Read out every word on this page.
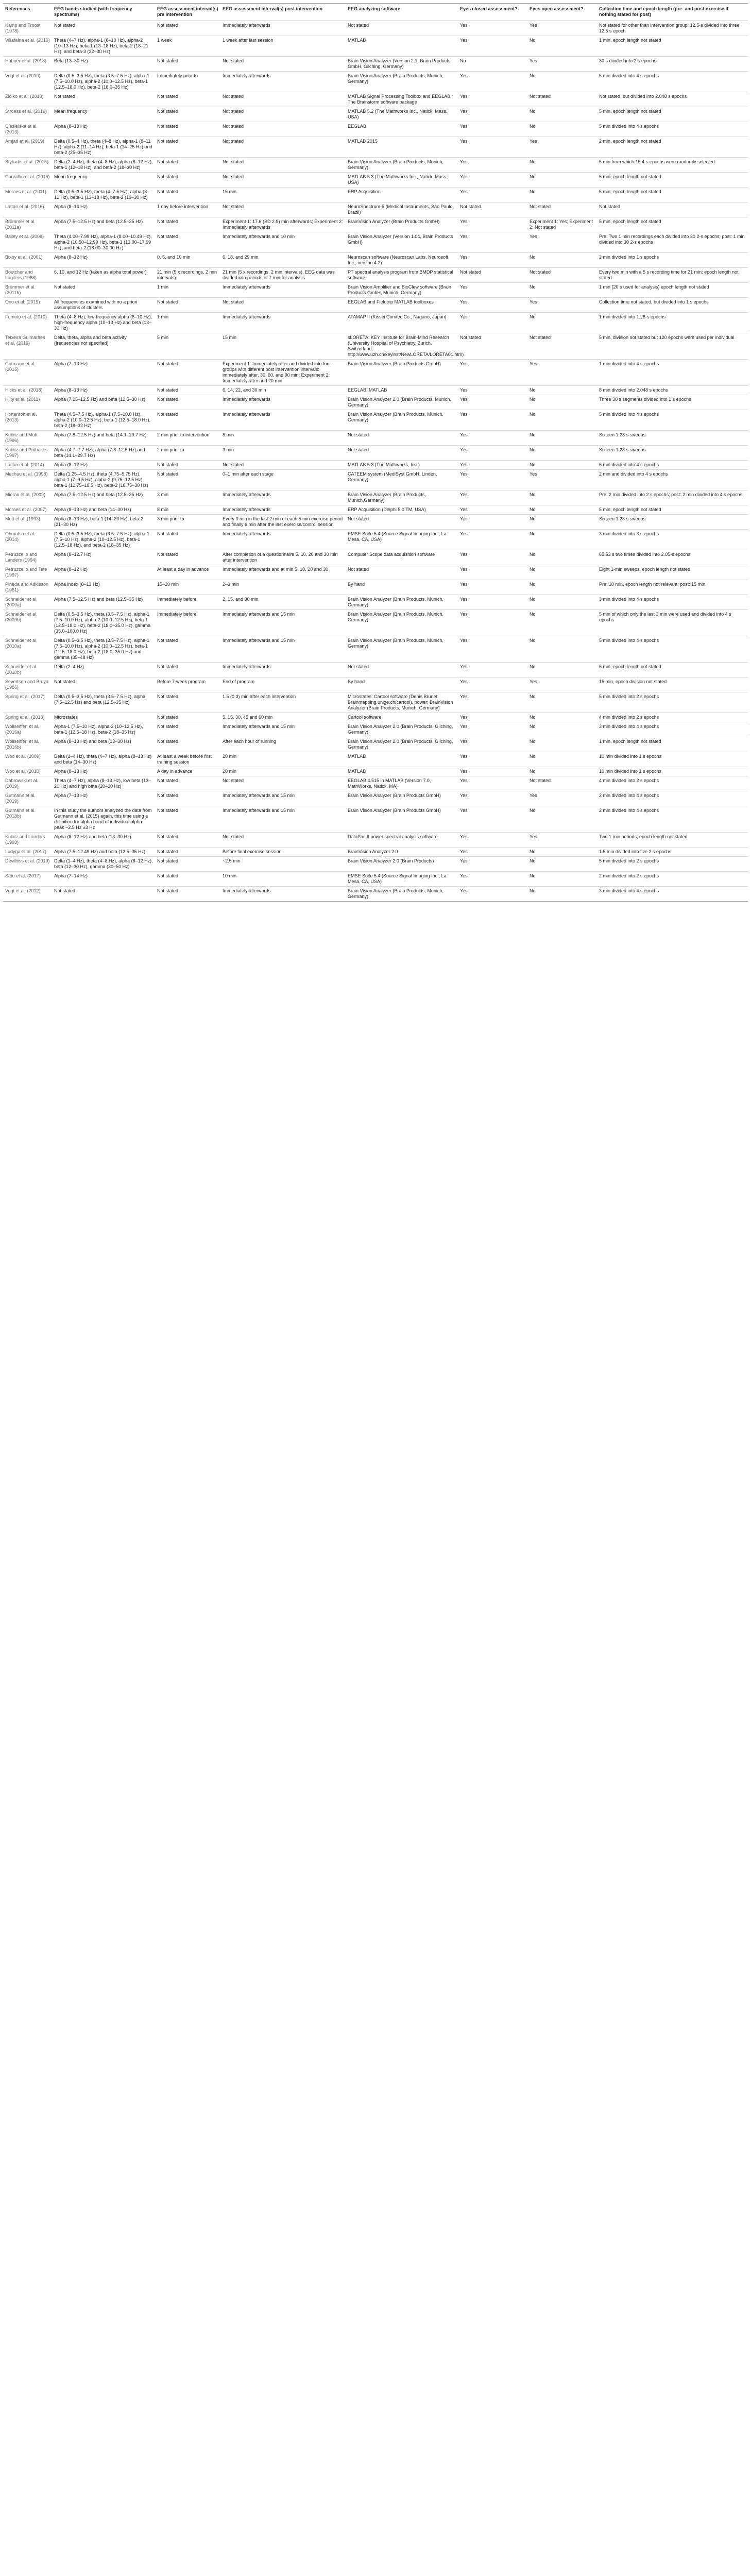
References	EEG bands studied (with frequency spectrums)	EEG assessment interval(s) pre intervention	EEG assessment interval(s) post intervention	EEG analyzing software	Eyes closed assessment?	Eyes open assessment?	Collection time and epoch length (pre- and post-exercise if nothing stated for post)
Kamp and Troost (1978)	Not stated	Not stated	Immediately afterwards	Not stated	Yes	Yes	Not stated for other than intervention group: 12.5-s divided into three 12.5 s epoch
Villafaina et al. (2019)	Theta (4–7 Hz), alpha-1 (8–10 Hz), alpha-2 (10–13 Hz), beta-1 (13–18 Hz), beta-2 (18–21 Hz), and beta-3 (22–30 Hz)	1 week	1 week after last session	MATLAB	Yes	No	1 min, epoch length not stated
Hübner et al. (2018)	Beta (13–30 Hz)	Not stated	Not stated	Brain Vision Analyzer (Version 2.1, Brain Products GmbH, Gilching, Germany)	No	Yes	30 s divided into 2 s epochs
Vogt et al. (2010)	Delta (0.5–3.5 Hz), theta (3.5–7.5 Hz), alpha-1 (7.5–10.0 Hz), alpha-2 (10.0–12.5 Hz), beta-1 (12.5–18.0 Hz), beta-2 (18.0–35 Hz)	Immediately prior to	Immediately afterwards	Brain Vision Analyzer (Brain Products, Munich, Germany)	Yes	No	5 min divided into 4 s epochs
Ziółko et al. (2018)	Not stated	Not stated	Not stated	MATLAB Signal Processing Toolbox and EEGLAB. The Brainstorm software package	Yes	Not stated	Not stated, but divided into 2.048 s epochs
Stroess et al. (2019)	Mean frequency	Not stated	Not stated	MATLAB 5.2 (The Mathworks Inc., Natick, Mass., USA)	Yes	No	5 min, epoch length not stated
Ciesielska et al. (2013)	Alpha (8–13 Hz)	Not stated	Not stated	EEGLAB	Yes	No	5 min divided into 4 s epochs
Amjad et al. (2019)	Delta (0.5–4 Hz), theta (4–8 Hz), alpha-1 (8–11 Hz), alpha-2 (11–14 Hz), beta-1 (14–25 Hz) and beta-2 (25–35 Hz)	Not stated	Not stated	MATLAB 2015	Yes	Yes	2 min, epoch length not stated
Styliadis et al. (2015)	Delta (2–4 Hz), theta (4–8 Hz), alpha (8–12 Hz), beta-1 (12–18 Hz), and beta-2 (18–30 Hz)	Not stated	Not stated	Brain Vision Analyzer (Brain Products, Munich, Germany)	Yes	No	5 min from which 15 4-s epochs were randomly selected
Carvalho et al. (2015)	Mean frequency	Not stated	Not stated	MATLAB 5.3 (The Mathworks Inc., Natick, Mass., USA)	Yes	No	5 min, epoch length not stated
Moraes et al. (2011)	Delta (0.5–3.5 Hz), theta (4–7.5 Hz), alpha (8–12 Hz), beta-1 (13–18 Hz), beta-2 (19–30 Hz)	Not stated	15 min	ERP Acquisition	Yes	No	5 min, epoch length not stated
Lattari et al. (2016)	Alpha (8–14 Hz)	1 day before intervention	Not stated	NeuroSpectrum-5 (Medical Instruments, São Paulo, Brazil)	Not stated	Not stated	Not stated
Brümmer et al. (2011a)	Alpha (7.5–12.5 Hz) and beta (12.5–35 Hz)	Not stated	Experiment 1: 17.6 (SD 2.9) min afterwards; Experiment 2: Immediately afterwards	BrainVision Analyzer (Brain Products GmbH)	Yes	Experiment 1: Yes; Experiment 2: Not stated	5 min, epoch length not stated
Bailey et al. (2008)	Theta (4.00–7.99 Hz), alpha-1 (8.00–10.49 Hz), alpha-2 (10.50–12.99 Hz), beta-1 (13.00–17.99 Hz), and beta-2 (18.00–30.00 Hz)	Not stated	Immediately afterwards and 10 min	Brain Vision Analyzer (Version 1.04, Brain Products GmbH)	Yes	Yes	Pre: Two 1 min recordings each divided into 30 2-s epochs; post: 1 min divided into 30 2-s epochs
Bixby et al. (2001)	Alpha (8–12 Hz)	0, 5, and 10 min	6, 18, and 29 min	Neuroscan software (Neuroscan Labs, Neurosoft, Inc., version 4.2)	Yes	No	2 min divided into 1 s epochs
Boutcher and Landers (1988)	6, 10, and 12 Hz (taken as alpha total power)	21 min (5 x recordings, 2 min intervals)	21 min (5 x recordings, 2 min intervals). EEG data was divided into periods of 7 min for analysis	PT spectral analysis program from BMDP statistical software	Not stated	Not stated	Every two min with a 5 s recording time for 21 min; epoch length not stated
Brümmer et al. (2011b)	Not stated	1 min	Immediately afterwards	Brain Vision Amplifier and BioClew software (Brain Products GmbH, Munich, Germany)	Yes	No	1 min (20 s used for analysis) epoch length not stated
Ono et al. (2019)	All frequencies examined with no a priori assumptions of clusters	Not stated	Not stated	EEGLAB and Fieldtrip MATLAB toolboxes	Yes	Yes	Collection time not stated, but divided into 1 s epochs
Fumoto et al. (2010)	Theta (4–8 Hz), low-frequency alpha (8–10 Hz), high-frequency alpha (10–13 Hz) and beta (13–30 Hz)	1 min	Immediately afterwards	ATAMAP II (Kissei Comtec Co., Nagano, Japan)	Yes	No	1 min divided into 1.28-s epochs
Teixeira Guimarães et al. (2019)	Delta, theta, alpha and beta activity (frequencies not specified)	5 min	15 min	sLORETA: KEY Institute for Brain-Mind Research (University Hospital of Psychiatry, Zurich, Switzerland; http://www.uzh.ch/keyinst/NewLORETA/LORETA01.htm)	Not stated	Not stated	5 min, division not stated but 120 epochs were used per individual
Gutmann et al. (2015)	Alpha (7–13 Hz)	Not stated	Experiment 1: Immediately after and divided into four groups with different post intervention intervals: immediately after, 30, 60, and 90 min; Experiment 2: Immediately after and 20 min	Brain Vision Analyzer (Brain Products GmbH)	Yes	Yes	1 min divided into 4 s epochs
Hicks et al. (2018)	Alpha (8–13 Hz)	Not stated	6, 14, 22, and 30 min	EEGLAB, MATLAB	Yes	No	8 min divided into 2.048 s epochs
Hilty et al. (2011)	Alpha (7.25–12.5 Hz) and beta (12.5–30 Hz)	Not stated	Immediately afterwards	Brain Vision Analyzer 2.0 (Brain Products, Munich, Germany)	Yes	No	Three 30 s segments divided into 1 s epochs
Hottenrott et al. (2013)	Theta (4.5–7.5 Hz), alpha-1 (7.5–10.0 Hz), alpha-2 (10.0–12.5 Hz), beta-1 (12.5–18.0 Hz), beta-2 (18–32 Hz)	Not stated	Immediately afterwards	Brain Vision Analyzer (Brain Products, Munich, Germany)	Yes	No	5 min divided into 4 s epochs
Kubitz and Mott (1996)	Alpha (7.8–12.5 Hz) and beta (14.1–29.7 Hz)	2 min prior to intervention	8 min	Not stated	Yes	No	Sixteen 1.28 s sweeps
Kubitz and Pothakos (1997)	Alpha (4.7–7.7 Hz), alpha (7.8–12.5 Hz) and beta (14.1–29.7 Hz)	2 min prior to	3 min	Not stated	Yes	No	Sixteen 1.28 s sweeps
Lattari et al. (2014)	Alpha (8–12 Hz)	Not stated	Not stated	MATLAB 5.3 (The Mathworks, Inc.)	Yes	No	5 min divided into 4 s epochs
Mechau et al. (1998)	Delta (1.25–4.5 Hz), theta (4.75–5.75 Hz), alpha-1 (7–9.5 Hz), alpha-2 (9.75–12.5 Hz), beta-1 (12.75–18.5 Hz), beta-2 (18.75–30 Hz)	Not stated	0–1 min after each stage	CATEEM system (MediSyst GmbH, Linden, Germany)	Yes	Yes	2 min and divided into 4 s epochs
Mierau et al. (2009)	Alpha (7.5–12.5 Hz) and beta (12.5–35 Hz)	3 min	Immediately afterwards	Brain Vision Analyzer (Brain Products, Munich,Germany)	Yes	No	Pre: 2 min divided into 2 s epochs; post: 2 min divided into 4 s epochs
Moraes et al. (2007)	Alpha (8–13 Hz) and beta (14–30 Hz)	8 min	Immediately afterwards	ERP Acquisition (Delphi 5.0 TM, USA)	Yes	No	5 min, epoch length not stated
Mott et al. (1993)	Alpha (8–13 Hz), beta-1 (14–20 Hz), beta-2 (21–30 Hz)	3 min prior to	Every 3 min in the last 2 min of each 5 min exercise period and finally 6 min after the last exercise/control session	Not stated	Yes	No	Sixteen 1.28 s sweeps
Ohmatsu et al. (2014)	Delta (0.5–3.5 Hz), theta (3.5–7.5 Hz), alpha-1 (7.5–10 Hz), alpha-2 (10–12.5 Hz), beta-1 (12.5–18 Hz), and beta-2 (18–35 Hz)	Not stated	Immediately afterwards	EMSE Suite 5.4 (Source Signal Imaging Inc., La Mesa, CA, USA)	Yes	No	3 min divided into 3 s epochs
Petruzzello and Landers (1994)	Alpha (8–12.7 Hz)	Not stated	After completion of a questionnaire 5, 10, 20 and 30 min after intervention	Computer Scope data acquisition software	Yes	No	65.53 s two times divided into 2.05-s epochs
Petruzzello and Tate (1997)	Alpha (8–12 Hz)	At least a day in advance	Immediately afterwards and at min 5, 10, 20 and 30	Not stated	Yes	No	Eight 1-min sweeps, epoch length not stated
Pineda and Adkisson (1961)	Alpha index (8–13 Hz)	15–20 min	2–3 min	By hand	Yes	No	Pre: 10 min, epoch length not relevant; post: 15 min
Schneider et al. (2009a)	Alpha (7.5–12.5 Hz) and beta (12.5–35 Hz)	Immediately before	2, 15, and 30 min	Brain Vision Analyzer (Brain Products, Munich, Germany)	Yes	No	3 min divided into 4 s epochs
Schneider et al. (2009b)	Delta (0.5–3.5 Hz), theta (3.5–7.5 Hz), alpha-1 (7.5–10.0 Hz), alpha-2 (10.0–12.5 Hz), beta-1 (12.5–18.0 Hz), beta-2 (18.0–35.0 Hz), gamma (35.0–100.0 Hz)	Immediately before	Immediately afterwards and 15 min	Brain Vision Analyzer (Brain Products, Munich, Germany)	Yes	No	5 min of which only the last 3 min were used and divided into 4 s epochs
Schneider et al. (2010a)	Delta (0.5–3.5 Hz), theta (3.5–7.5 Hz), alpha-1 (7.5–10.0 Hz), alpha-2 (10.0–12.5 Hz), beta-1 (12.5–18.0 Hz), beta-2 (18.0–35.0 Hz) and gamma (35–48 Hz)	Not stated	Immediately afterwards and 15 min	Brain Vision Analyzer (Brain Products, Munich, Germany)	Yes	No	5 min divided into 4 s epochs
Schneider et al. (2010b)	Delta (2–4 Hz)	Not stated	Immediately afterwards	Not stated	Yes	No	5 min, epoch length not stated
Severtsen and Bruya (1986)	Not stated	Before 7-week program	End of program	By hand	Yes	Yes	15 min, epoch division not stated
Spring et al. (2017)	Delta (0.5–3.5 Hz), theta (3.5–7.5 Hz), alpha (7.5–12.5 Hz) and beta (12.5–35 Hz)	Not stated	1.5 (0.3) min after each intervention	Microstates: Cartool software (Denis Brunet Brainmapping.unige.ch/cartool), power: BrainVision Analyzer (Brain Products, Munich, Germany)	Yes	No	5 min divided into 2 s epochs
Spring et al. (2018)	Microstates	Not stated	5, 15, 30, 45 and 60 min	Cartool software	Yes	No	4 min divided into 2 s epochs
Wollseiffen et al. (2016a)	Alpha-1 (7.5–10 Hz), alpha-2 (10–12.5 Hz), beta-1 (12.5–18 Hz), beta-2 (18–35 Hz)	Not stated	Immediately afterwards and 15 min	Brain Vision Analyzer 2.0 (Brain Products, Gilching, Germany)	Yes	No	3 min divided into 4 s epochs
Wollseiffen et al. (2016b)	Alpha (8–13 Hz) and beta (13–30 Hz)	Not stated	After each hour of running	Brain Vision Analyzer 2.0 (Brain Products, Gilching, Germany)	Yes	No	1 min, epoch length not stated
Woo et al. (2009)	Delta (1–4 Hz), theta (4–7 Hz), alpha (8–13 Hz) and beta (14–30 Hz)	At least a week before first training session	20 min	MATLAB	Yes	No	10 min divided into 1 s epochs
Woo et al. (2010)	Alpha (8–13 Hz)	A day in advance	20 min	MATLAB	Yes	No	10 min divided into 1 s epochs
Dabrowski et al. (2019)	Theta (4–7 Hz), alpha (8–13 Hz), low beta (13–20 Hz) and high beta (20–30 Hz)	Not stated	Not stated	EEGLAB 4.515 in MATLAB (Version 7.0, MathWorks, Natick, MA)	Yes	Not stated	4 min divided into 2 s epochs
Gutmann et al. (2019)	Alpha (7–13 Hz)	Not stated	Immediately afterwards and 15 min	Brain Vision Analyzer (Brain Products GmbH)	Yes	Yes	2 min divided into 4 s epochs
Gutmann et al. (2018b)	In this study the authors analyzed the data from Gutmann et al. (2015) again, this time using a definition for alpha band of individual alpha peak −2.5 Hz ±3 Hz	Not stated	Immediately afterwards and 15 min	Brain Vision Analyzer (Brain Products GmbH)	Yes	No	2 min divided into 4 s epochs
Kubitz and Landers (1993)	Alpha (8–12 Hz) and beta (13–30 Hz)	Not stated	Not stated	DataPac II power spectral analysis software	Yes	Yes	Two 1 min periods, epoch length not stated
Ludyga et al. (2017)	Alpha (7.5–12.49 Hz) and beta (12.5–35 Hz)	Not stated	Before final exercise session	BrainVision Analyzer 2.0	Yes	No	1.5 min divided into five 2 s epochs
Devilbiss et al. (2019)	Delta (1–4 Hz), theta (4–8 Hz), alpha (8–12 Hz), beta (12–30 Hz), gamma (30–50 Hz)	Not stated	~2.5 min	Brain Vision Analyzer 2.0 (Brain Products)	Yes	No	5 min divided into 2 s epochs
Sato et al. (2017)	Alpha (7–14 Hz)	Not stated	10 min	EMSE Suite 5.4 (Source Signal Imaging Inc., La Mesa, CA, USA)	Yes	No	2 min divided into 2 s epochs
Vogt et al. (2012)	Not stated	Not stated	Immediately afterwards	Brain Vision Analyzer (Brain Products, Munich, Germany)	Yes	No	3 min divided into 4 s epochs
